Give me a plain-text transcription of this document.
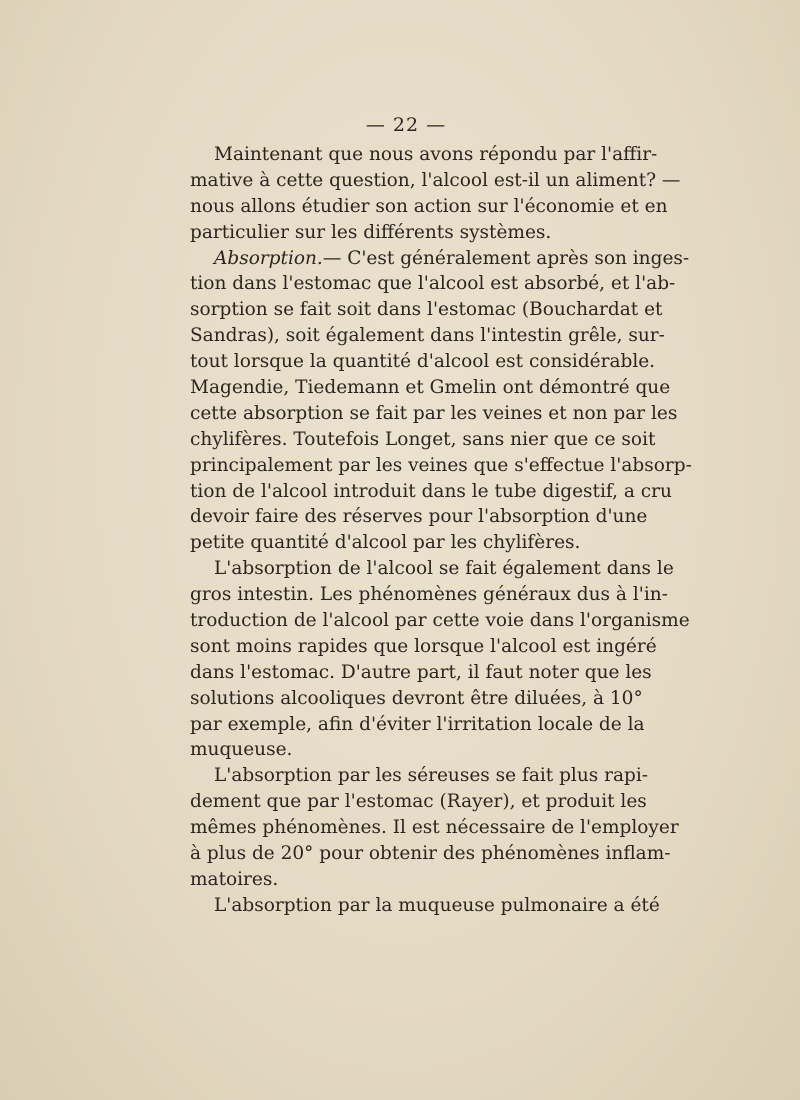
— 22 —
Maintenant que nous avons répondu par l'affir-
mative à cette question, l'alcool est-il un aliment? —
nous allons étudier son action sur l'économie et en
particulier sur les différents systèmes.
Absorption.— C'est généralement après son inges-
tion dans l'estomac que l'alcool est absorbé, et l'ab-
sorption se fait soit dans l'estomac (Bouchardat et
Sandras), soit également dans l'intestin grêle, sur-
tout lorsque la quantité d'alcool est considérable.
Magendie, Tiedemann et Gmelin ont démontré que
cette absorption se fait par les veines et non par les
chylifères. Toutefois Longet, sans nier que ce soit
principalement par les veines que s'effectue l'absorp-
tion de l'alcool introduit dans le tube digestif, a cru
devoir faire des réserves pour l'absorption d'une
petite quantité d'alcool par les chylifères.
L'absorption de l'alcool se fait également dans le
gros intestin. Les phénomènes généraux dus à l'in-
troduction de l'alcool par cette voie dans l'organisme
sont moins rapides que lorsque l'alcool est ingéré
dans l'estomac. D'autre part, il faut noter que les
solutions alcooliques devront être diluées, à 10°
par exemple, afin d'éviter l'irritation locale de la
muqueuse.
L'absorption par les séreuses se fait plus rapi-
dement que par l'estomac (Rayer), et produit les
mêmes phénomènes. Il est nécessaire de l'employer
à plus de 20° pour obtenir des phénomènes inflam-
matoires.
L'absorption par la muqueuse pulmonaire a été
